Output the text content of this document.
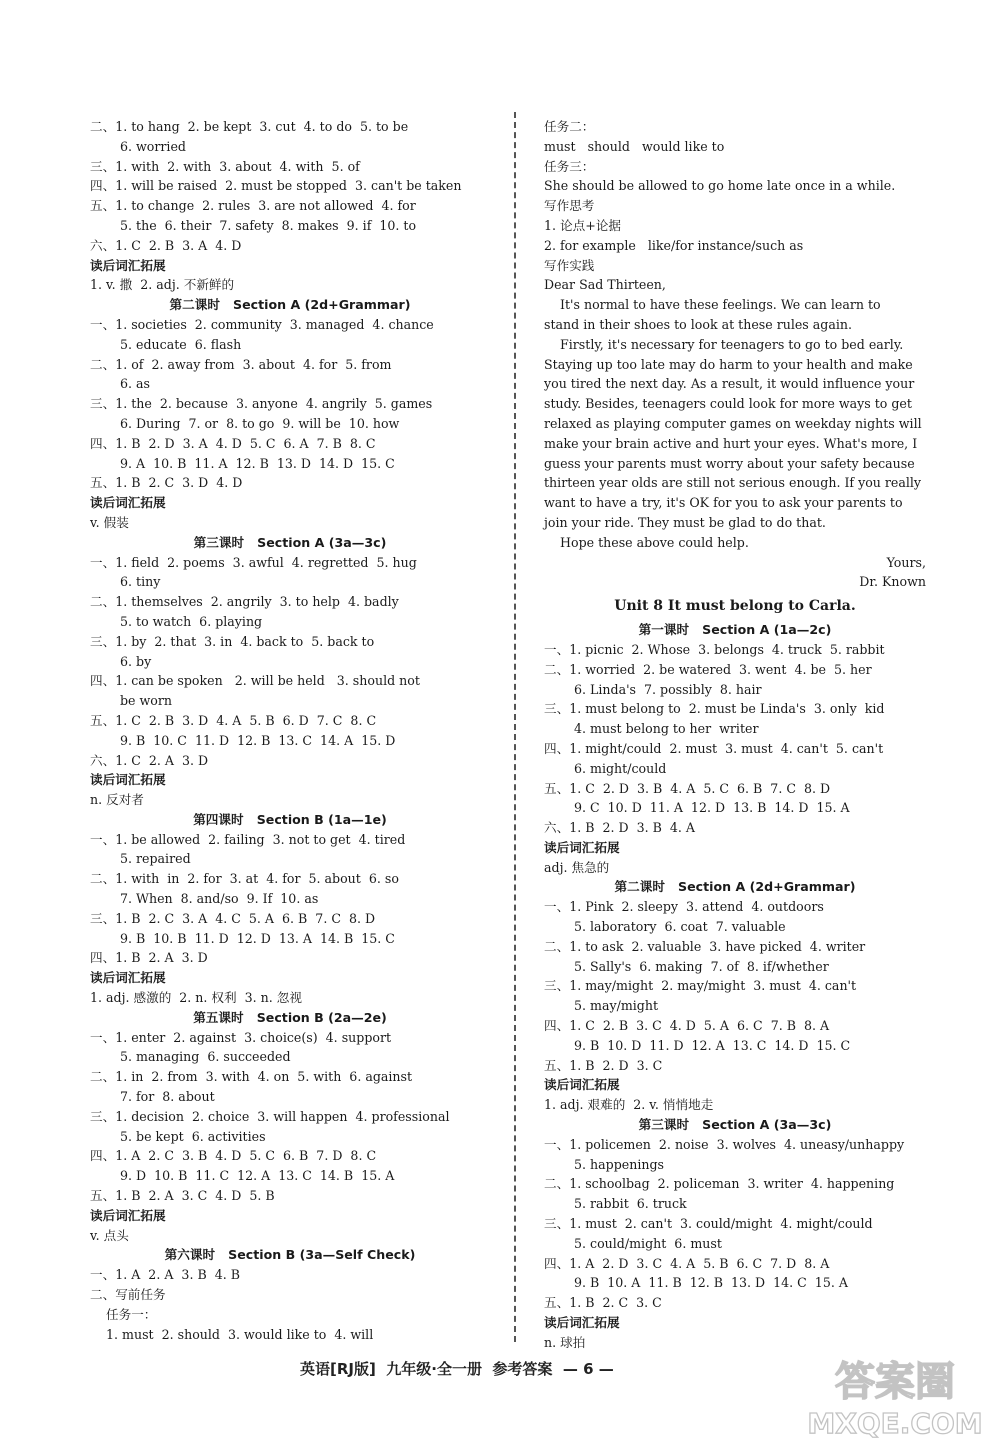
二、1. to hang  2. be kept  3. cut  4. to do  5. to be
6. worried
三、1. with  2. with  3. about  4. with  5. of
四、1. will be raised  2. must be stopped  3. can't be taken
五、1. to change  2. rules  3. are not allowed  4. for
5. the  6. their  7. safety  8. makes  9. if  10. to
六、1. C  2. B  3. A  4. D
读后词汇拓展
1. v. 撒  2. adj. 不新鲜的
第二课时   Section A (2d+Grammar)
一、1. societies  2. community  3. managed  4. chance
5. educate  6. flash
二、1. of  2. away from  3. about  4. for  5. from
6. as
三、1. the  2. because  3. anyone  4. angrily  5. games
6. During  7. or  8. to go  9. will be  10. how
四、1. B  2. D  3. A  4. D  5. C  6. A  7. B  8. C
9. A  10. B  11. A  12. B  13. D  14. D  15. C
五、1. B  2. C  3. D  4. D
读后词汇拓展
v. 假装
第三课时   Section A (3a—3c)
一、1. field  2. poems  3. awful  4. regretted  5. hug
6. tiny
二、1. themselves  2. angrily  3. to help  4. badly
5. to watch  6. playing
三、1. by  2. that  3. in  4. back to  5. back to
6. by
四、1. can be spoken   2. will be held   3. should not
be worn
五、1. C  2. B  3. D  4. A  5. B  6. D  7. C  8. C
9. B  10. C  11. D  12. B  13. C  14. A  15. D
六、1. C  2. A  3. D
读后词汇拓展
n. 反对者
第四课时   Section B (1a—1e)
一、1. be allowed  2. failing  3. not to get  4. tired
5. repaired
二、1. with  in  2. for  3. at  4. for  5. about  6. so
7. When  8. and/so  9. If  10. as
三、1. B  2. C  3. A  4. C  5. A  6. B  7. C  8. D
9. B  10. B  11. D  12. D  13. A  14. B  15. C
四、1. B  2. A  3. D
读后词汇拓展
1. adj. 感激的  2. n. 权利  3. n. 忽视
第五课时   Section B (2a—2e)
一、1. enter  2. against  3. choice(s)  4. support
5. managing  6. succeeded
二、1. in  2. from  3. with  4. on  5. with  6. against
7. for  8. about
三、1. decision  2. choice  3. will happen  4. professional
5. be kept  6. activities
四、1. A  2. C  3. B  4. D  5. C  6. B  7. D  8. C
9. D  10. B  11. C  12. A  13. C  14. B  15. A
五、1. B  2. A  3. C  4. D  5. B
读后词汇拓展
v. 点头
第六课时   Section B (3a—Self Check)
一、1. A  2. A  3. B  4. B
二、写前任务
任务一：
1. must  2. should  3. would like to  4. will
任务二：
must   should   would like to
任务三：
She should be allowed to go home late once in a while.
写作思考
1. 论点+论据
2. for example   like/for instance/such as
写作实践
Dear Sad Thirteen,
It's normal to have these feelings. We can learn to
stand in their shoes to look at these rules again.
Firstly, it's necessary for teenagers to go to bed early.
Staying up too late may do harm to your health and make
you tired the next day. As a result, it would influence your
study. Besides, teenagers could look for more ways to get
relaxed as playing computer games on weekday nights will
make your brain active and hurt your eyes. What's more, I
guess your parents must worry about your safety because
thirteen year olds are still not serious enough. If you really
want to have a try, it's OK for you to ask your parents to
join your ride. They must be glad to do that.
Hope these above could help.
Yours,
Dr. Known
Unit 8 It must belong to Carla.
第一课时   Section A (1a—2c)
一、1. picnic  2. Whose  3. belongs  4. truck  5. rabbit
二、1. worried  2. be watered  3. went  4. be  5. her
6. Linda's  7. possibly  8. hair
三、1. must belong to  2. must be Linda's  3. only  kid
4. must belong to her  writer
四、1. might/could  2. must  3. must  4. can't  5. can't
6. might/could
五、1. C  2. D  3. B  4. A  5. C  6. B  7. C  8. D
9. C  10. D  11. A  12. D  13. B  14. D  15. A
六、1. B  2. D  3. B  4. A
读后词汇拓展
adj. 焦急的
第二课时   Section A (2d+Grammar)
一、1. Pink  2. sleepy  3. attend  4. outdoors
5. laboratory  6. coat  7. valuable
二、1. to ask  2. valuable  3. have picked  4. writer
5. Sally's  6. making  7. of  8. if/whether
三、1. may/might  2. may/might  3. must  4. can't
5. may/might
四、1. C  2. B  3. C  4. D  5. A  6. C  7. B  8. A
9. B  10. D  11. D  12. A  13. C  14. D  15. C
五、1. B  2. D  3. C
读后词汇拓展
1. adj. 艰难的  2. v. 悄悄地走
第三课时   Section A (3a—3c)
一、1. policemen  2. noise  3. wolves  4. uneasy/unhappy
5. happenings
二、1. schoolbag  2. policeman  3. writer  4. happening
5. rabbit  6. truck
三、1. must  2. can't  3. could/might  4. might/could
5. could/might  6. must
四、1. A  2. D  3. C  4. A  5. B  6. C  7. D  8. A
9. B  10. A  11. B  12. B  13. D  14. C  15. A
五、1. B  2. C  3. C
读后词汇拓展
n. 球拍
英语[RJ版]  九年级·全一册  参考答案  — 6 —	答案圈
MXQE.COM
